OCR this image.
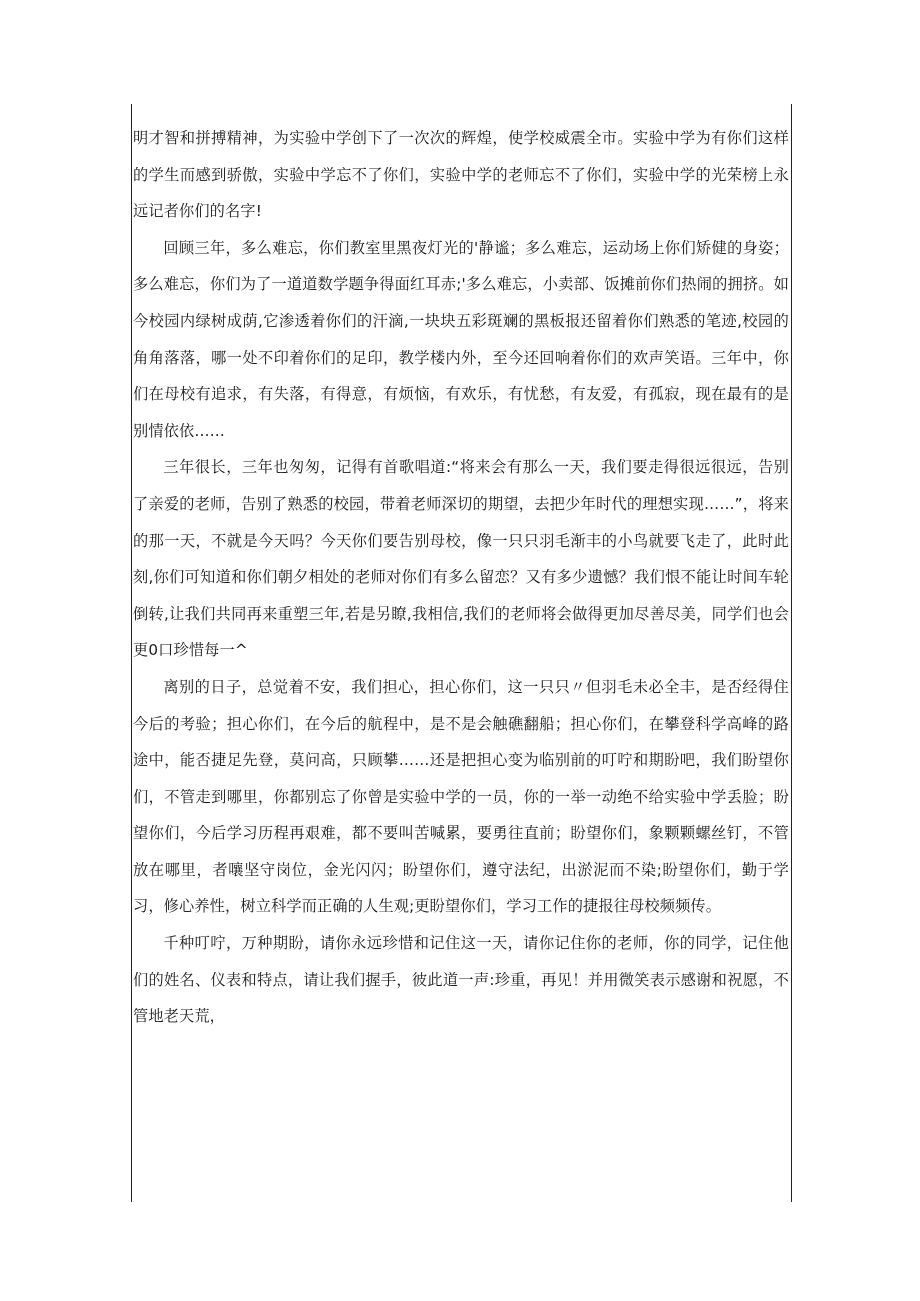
明才智和拼搏精神，为实验中学创下了一次次的辉煌，使学校威震全市。实验中学为有你们这样的学生而感到骄傲，实验中学忘不了你们，实验中学的老师忘不了你们，实验中学的光荣榜上永远记者你们的名字!

回顾三年，多么难忘，你们教室里黑夜灯光的'静谧；多么难忘，运动场上你们矫健的身姿；多么难忘，你们为了一道道数学题争得面红耳赤;'多么难忘，小卖部、饭摊前你们热闹的拥挤。如今校园内绿树成荫,它渗透着你们的汗滴,一块块五彩斑斓的黑板报还留着你们熟悉的笔迹,校园的角角落落，哪一处不印着你们的足印，教学楼内外，至今还回响着你们的欢声笑语。三年中，你们在母校有追求，有失落，有得意，有烦恼，有欢乐，有忧愁，有友爱，有孤寂，现在最有的是别情依依……

三年很长，三年也匆匆，记得有首歌唱道:“将来会有那么一天，我们要走得很远很远，告别了亲爱的老师，告别了熟悉的校园，带着老师深切的期望，去把少年时代的理想实现……”，将来的那一天，不就是今天吗？今天你们要告别母校，像一只只羽毛渐丰的小鸟就要飞走了，此时此刻,你们可知道和你们朝夕相处的老师对你们有多么留恋？又有多少遗憾？我们恨不能让时间车轮倒转,让我们共同再来重塑三年,若是另瞭,我相信,我们的老师将会做得更加尽善尽美，同学们也会更0口珍惜每一^

离别的日子，总觉着不安，我们担心，担心你们，这一只只〃但羽毛未必全丰，是否经得住今后的考验；担心你们，在今后的航程中，是不是会触礁翻船；担心你们，在攀登科学高峰的路途中，能否捷足先登，莫问高，只顾攀……还是把担心变为临别前的叮咛和期盼吧，我们盼望你们，不管走到哪里，你都别忘了你曾是实验中学的一员，你的一举一动绝不给实验中学丢脸；盼望你们，今后学习历程再艰难，都不要叫苦喊累，要勇往直前；盼望你们，象颗颗螺丝钉，不管放在哪里，者嚷坚守岗位，金光闪闪；盼望你们，遵守法纪，出淤泥而不染;盼望你们，勤于学习，修心养性，树立科学而正确的人生观;更盼望你们，学习工作的捷报往母校频频传。

千种叮咛，万种期盼，请你永远珍惜和记住这一天，请你记住你的老师，你的同学，记住他们的姓名、仪表和特点，请让我们握手，彼此道一声:珍重，再见！并用微笑表示感谢和祝愿，不管地老天荒，
